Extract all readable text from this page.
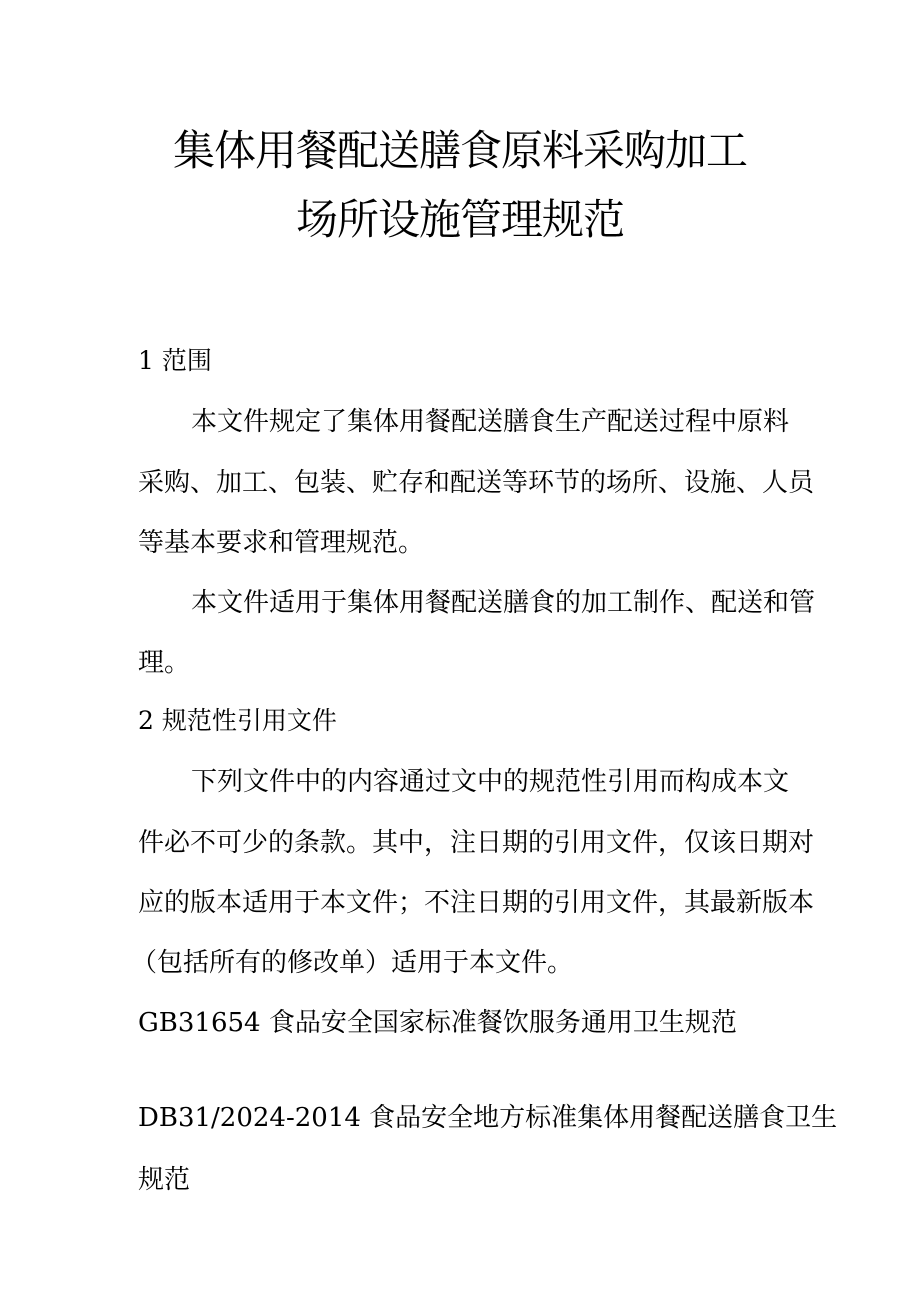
集体用餐配送膳食原料采购加工
场所设施管理规范
1 范围
本文件规定了集体用餐配送膳食生产配送过程中原料
采购、加工、包装、贮存和配送等环节的场所、设施、人员
等基本要求和管理规范。
本文件适用于集体用餐配送膳食的加工制作、配送和管
理。
2 规范性引用文件
下列文件中的内容通过文中的规范性引用而构成本文
件必不可少的条款。其中，注日期的引用文件，仅该日期对
应的版本适用于本文件；不注日期的引用文件，其最新版本
（包括所有的修改单）适用于本文件。
GB31654 食品安全国家标准餐饮服务通用卫生规范
DB31/2024-2014 食品安全地方标准集体用餐配送膳食卫生
规范
